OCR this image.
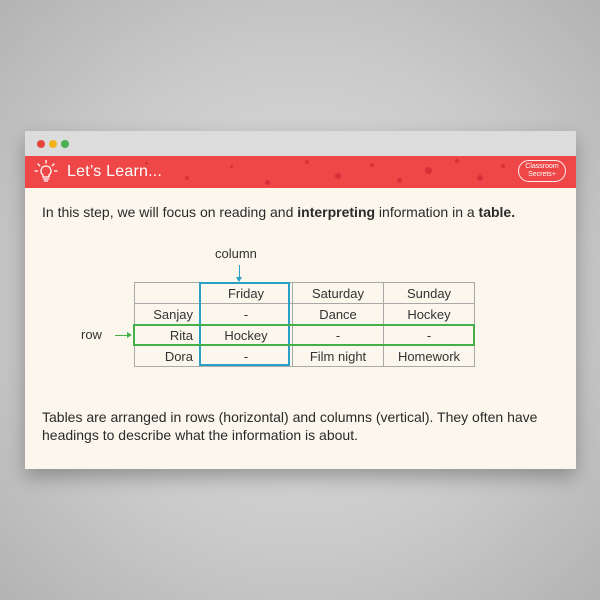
Let’s Learn...	Classroom
Secrets+

In this step, we will focus on reading and interpreting information in a table.

column
row
	Friday	Saturday	Sunday
Sanjay	-	Dance	Hockey
Rita	Hockey	-	-
Dora	-	Film night	Homework

Tables are arranged in rows (horizontal) and columns (vertical). They often have headings to describe what the information is about.
